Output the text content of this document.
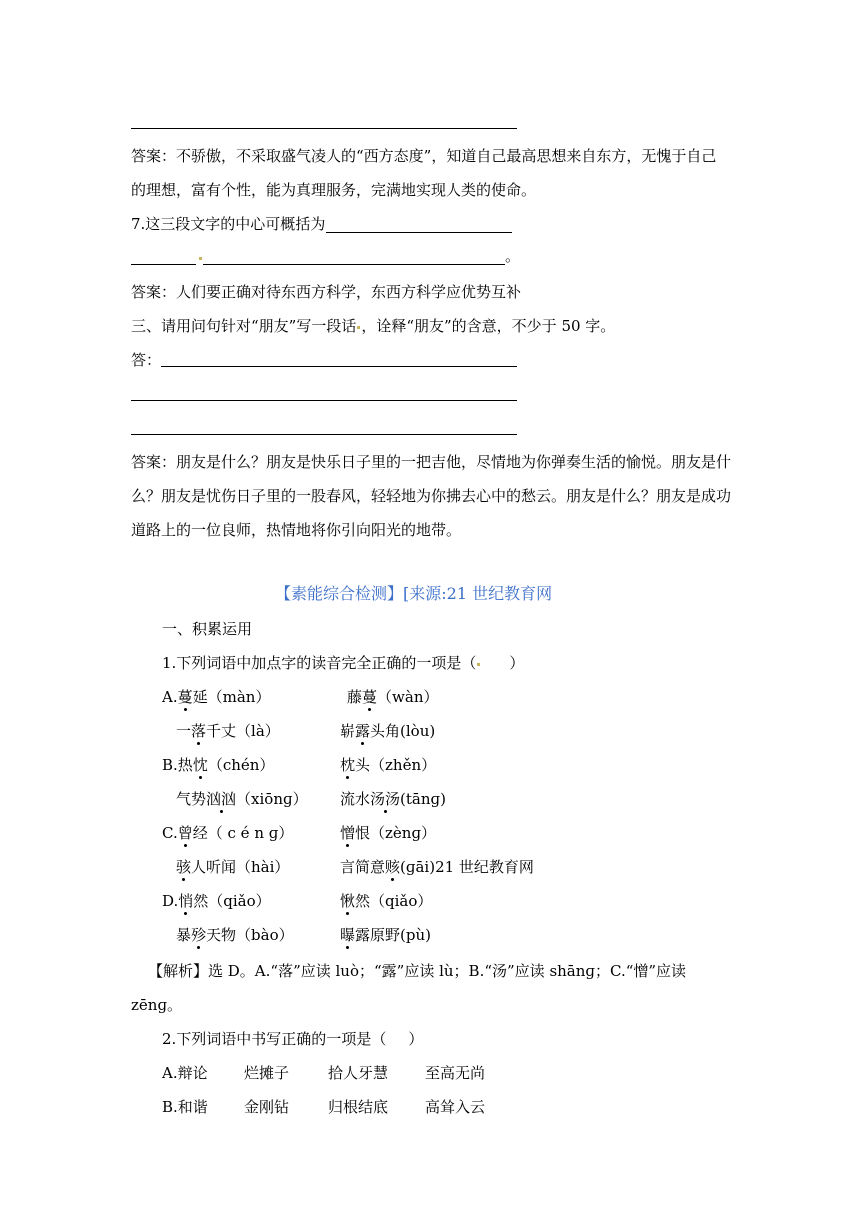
答案：不骄傲，不采取盛气凌人的“西方态度”，知道自己最高思想来自东方，无愧于自己
的理想，富有个性，能为真理服务，完满地实现人类的使命。
7.这三段文字的中心可概括为
。
答案：人们要正确对待东西方科学，东西方科学应优势互补
三、请用问句针对“朋友”写一段话 ，诠释“朋友”的含意，不少于 50 字。
答：
答案：朋友是什么？朋友是快乐日子里的一把吉他，尽情地为你弹奏生活的愉悦。朋友是什
么？朋友是忧伤日子里的一股春风，轻轻地为你拂去心中的愁云。朋友是什么？朋友是成功
道路上的一位良师，热情地将你引向阳光的地带。
【素能综合检测】[来源:21 世纪教育网
一、积累运用
1.下列词语中加点字的读音完全正确的一项是（ ）
A.蔓延（màn）	藤蔓（wàn）
一落千丈（là）	崭露头角(lòu)
B.热忱（chén）	枕头（zhěn）
气势汹汹（xiōnɡ） 流水汤汤(tānɡ)
C.曾经（ c é n ɡ）	憎恨（zènɡ）
骇人听闻（hài）	言简意赅(ɡāi)21 世纪教育网
D.悄然（qiǎo）	愀然（qiǎo）
暴殄天物（bào）	曝露原野(pù)
【解析】选 D。A.“落”应读 luò；“露”应读 lù；B.“汤”应读 shānɡ；C.“憎”应读
zēnɡ。
2.下列词语中书写正确的一项是（ ）
A.辩论 烂摊子	拾人牙慧 至高无尚
B.和谐 金刚钻	归根结底 高耸入云
